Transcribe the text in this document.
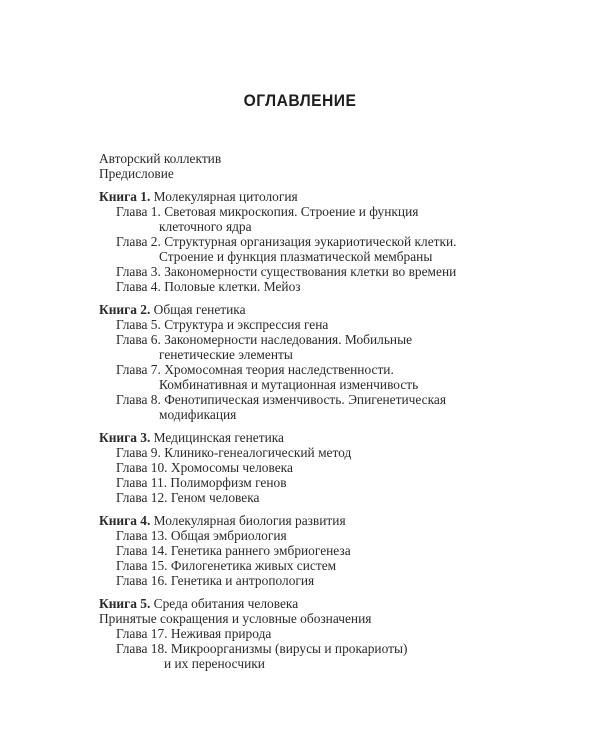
ОГЛАВЛЕНИЕ
Авторский коллектив
Предисловие
Книга 1. Молекулярная цитология
Глава 1. Световая микроскопия. Строение и функция
клеточного ядра
Глава 2. Структурная организация эукариотической клетки.
Строение и функция плазматической мембраны
Глава 3. Закономерности существования клетки во времени
Глава 4. Половые клетки. Мейоз
Книга 2. Общая генетика
Глава 5. Структура и экспрессия гена
Глава 6. Закономерности наследования. Мобильные
генетические элементы
Глава 7. Хромосомная теория наследственности.
Комбинативная и мутационная изменчивость
Глава 8. Фенотипическая изменчивость. Эпигенетическая
модификация
Книга 3. Медицинская генетика
Глава 9. Клинико-генеалогический метод
Глава 10. Хромосомы человека
Глава 11. Полиморфизм генов
Глава 12. Геном человека
Книга 4. Молекулярная биология развития
Глава 13. Общая эмбриология
Глава 14. Генетика раннего эмбриогенеза
Глава 15. Филогенетика живых систем
Глава 16. Генетика и антропология
Книга 5. Среда обитания человека
Принятые сокращения и условные обозначения
Глава 17. Неживая природа
Глава 18. Микроорганизмы (вирусы и прокариоты)
и их переносчики
